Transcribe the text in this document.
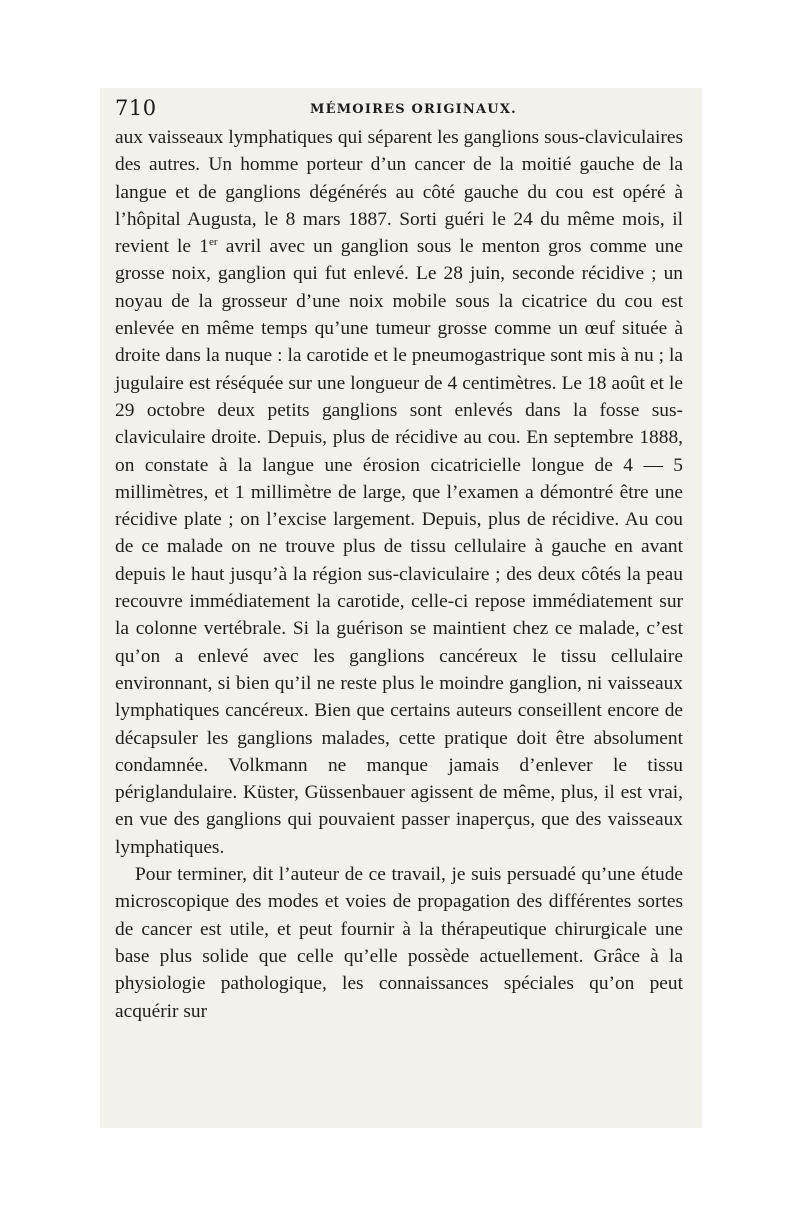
710	MÉMOIRES ORIGINAUX.

aux vaisseaux lymphatiques qui séparent les ganglions sous-claviculaires des autres. Un homme porteur d’un cancer de la moitié gauche de la langue et de ganglions dégénérés au côté gauche du cou est opéré à l’hôpital Augusta, le 8 mars 1887. Sorti guéri le 24 du même mois, il revient le 1er avril avec un ganglion sous le menton gros comme une grosse noix, ganglion qui fut enlevé. Le 28 juin, seconde récidive ; un noyau de la grosseur d’une noix mobile sous la cicatrice du cou est enlevée en même temps qu’une tumeur grosse comme un œuf située à droite dans la nuque : la carotide et le pneumogastrique sont mis à nu ; la jugulaire est réséquée sur une longueur de 4 centimètres. Le 18 août et le 29 octobre deux petits ganglions sont enlevés dans la fosse sus-claviculaire droite. Depuis, plus de récidive au cou. En septembre 1888, on constate à la langue une érosion cicatricielle longue de 4 — 5 millimètres, et 1 millimètre de large, que l’examen a démontré être une récidive plate ; on l’excise largement. Depuis, plus de récidive. Au cou de ce malade on ne trouve plus de tissu cellulaire à gauche en avant depuis le haut jusqu’à la région sus-claviculaire ; des deux côtés la peau recouvre immédiatement la carotide, celle-ci repose immédiatement sur la colonne vertébrale. Si la guérison se maintient chez ce malade, c’est qu’on a enlevé avec les ganglions cancéreux le tissu cellulaire environnant, si bien qu’il ne reste plus le moindre ganglion, ni vaisseaux lymphatiques cancéreux. Bien que certains auteurs conseillent encore de décapsuler les ganglions malades, cette pratique doit être absolument condamnée. Volkmann ne manque jamais d’enlever le tissu périglandulaire. Küster, Güssenbauer agissent de même, plus, il est vrai, en vue des ganglions qui pouvaient passer inaperçus, que des vaisseaux lymphatiques.

Pour terminer, dit l’auteur de ce travail, je suis persuadé qu’une étude microscopique des modes et voies de propagation des différentes sortes de cancer est utile, et peut fournir à la thérapeutique chirurgicale une base plus solide que celle qu’elle possède actuellement. Grâce à la physiologie pathologique, les connaissances spéciales qu’on peut acquérir sur
